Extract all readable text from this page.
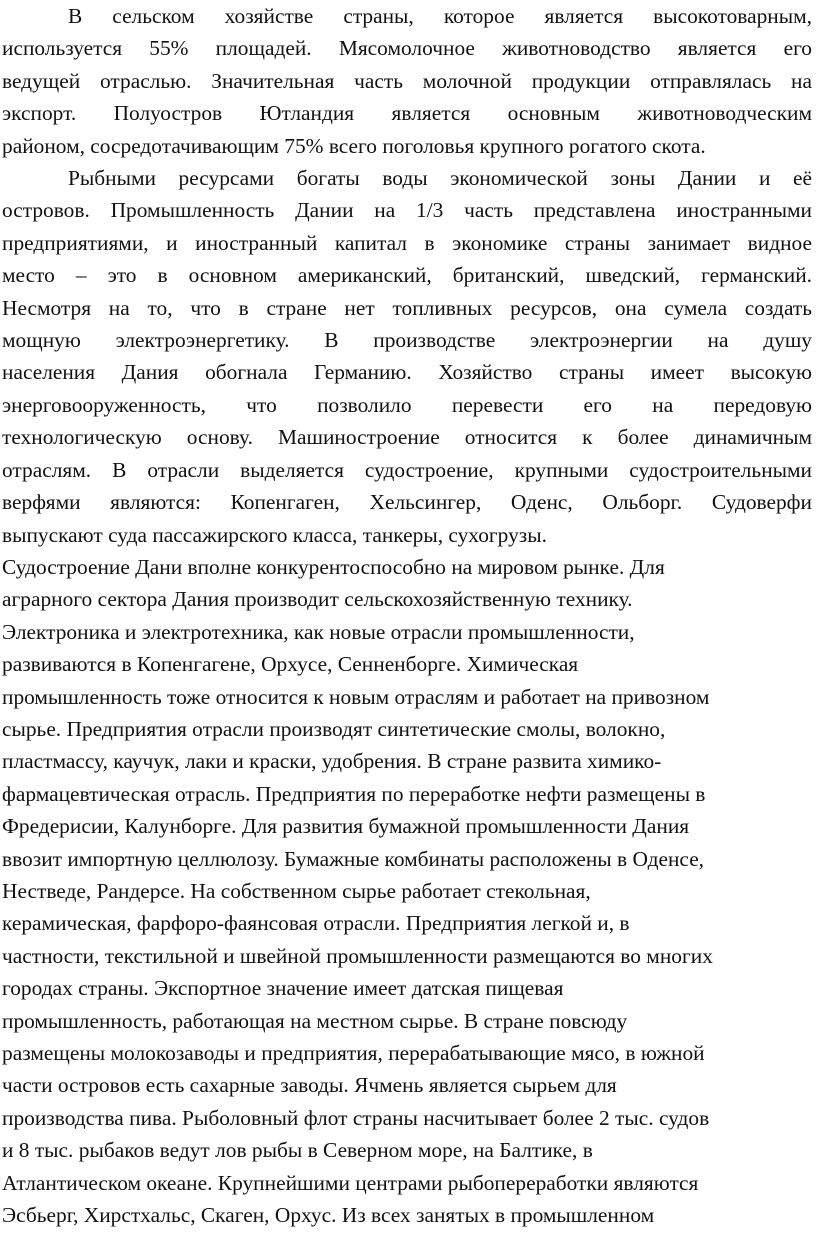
В сельском хозяйстве страны, которое является высокотоварным,
используется 55% площадей. Мясомолочное животноводство является его
ведущей отраслью. Значительная часть молочной продукции отправлялась на
экспорт. Полуостров Ютландия является основным животноводческим
районом, сосредотачивающим 75% всего поголовья крупного рогатого скота.
Рыбными ресурсами богаты воды экономической зоны Дании и её
островов. Промышленность Дании на 1/3 часть представлена иностранными
предприятиями, и иностранный капитал в экономике страны занимает видное
место – это в основном американский, британский, шведский, германский.
Несмотря на то, что в стране нет топливных ресурсов, она сумела создать
мощную электроэнергетику. В производстве электроэнергии на душу
населения Дания обогнала Германию. Хозяйство страны имеет высокую
энерговооруженность, что позволило перевести его на передовую
технологическую основу. Машиностроение относится к более динамичным
отраслям. В отрасли выделяется судостроение, крупными судостроительными
верфями являются: Копенгаген, Хельсингер, Оденс, Ольборг. Судоверфи
выпускают суда пассажирского класса, танкеры, сухогрузы.
Судостроение Дани вполне конкурентоспособно на мировом рынке. Для
аграрного сектора Дания производит сельскохозяйственную технику.
Электроника и электротехника, как новые отрасли промышленности,
развиваются в Копенгагене, Орхусе, Сенненборге. Химическая
промышленность тоже относится к новым отраслям и работает на привозном
сырье. Предприятия отрасли производят синтетические смолы, волокно,
пластмассу, каучук, лаки и краски, удобрения. В стране развита химико-
фармацевтическая отрасль. Предприятия по переработке нефти размещены в
Фредерисии, Калунборге. Для развития бумажной промышленности Дания
ввозит импортную целлюлозу. Бумажные комбинаты расположены в Оденсе,
Нестведе, Рандерсе. На собственном сырье работает стекольная,
керамическая, фарфоро-фаянсовая отрасли. Предприятия легкой и, в
частности, текстильной и швейной промышленности размещаются во многих
городах страны. Экспортное значение имеет датская пищевая
промышленность, работающая на местном сырье. В стране повсюду
размещены молокозаводы и предприятия, перерабатывающие мясо, в южной
части островов есть сахарные заводы. Ячмень является сырьем для
производства пива. Рыболовный флот страны насчитывает более 2 тыс. судов
и 8 тыс. рыбаков ведут лов рыбы в Северном море, на Балтике, в
Атлантическом океане. Крупнейшими центрами рыбопереработки являются
Эсбьерг, Хирстхальс, Скаген, Орхус. Из всех занятых в промышленном
